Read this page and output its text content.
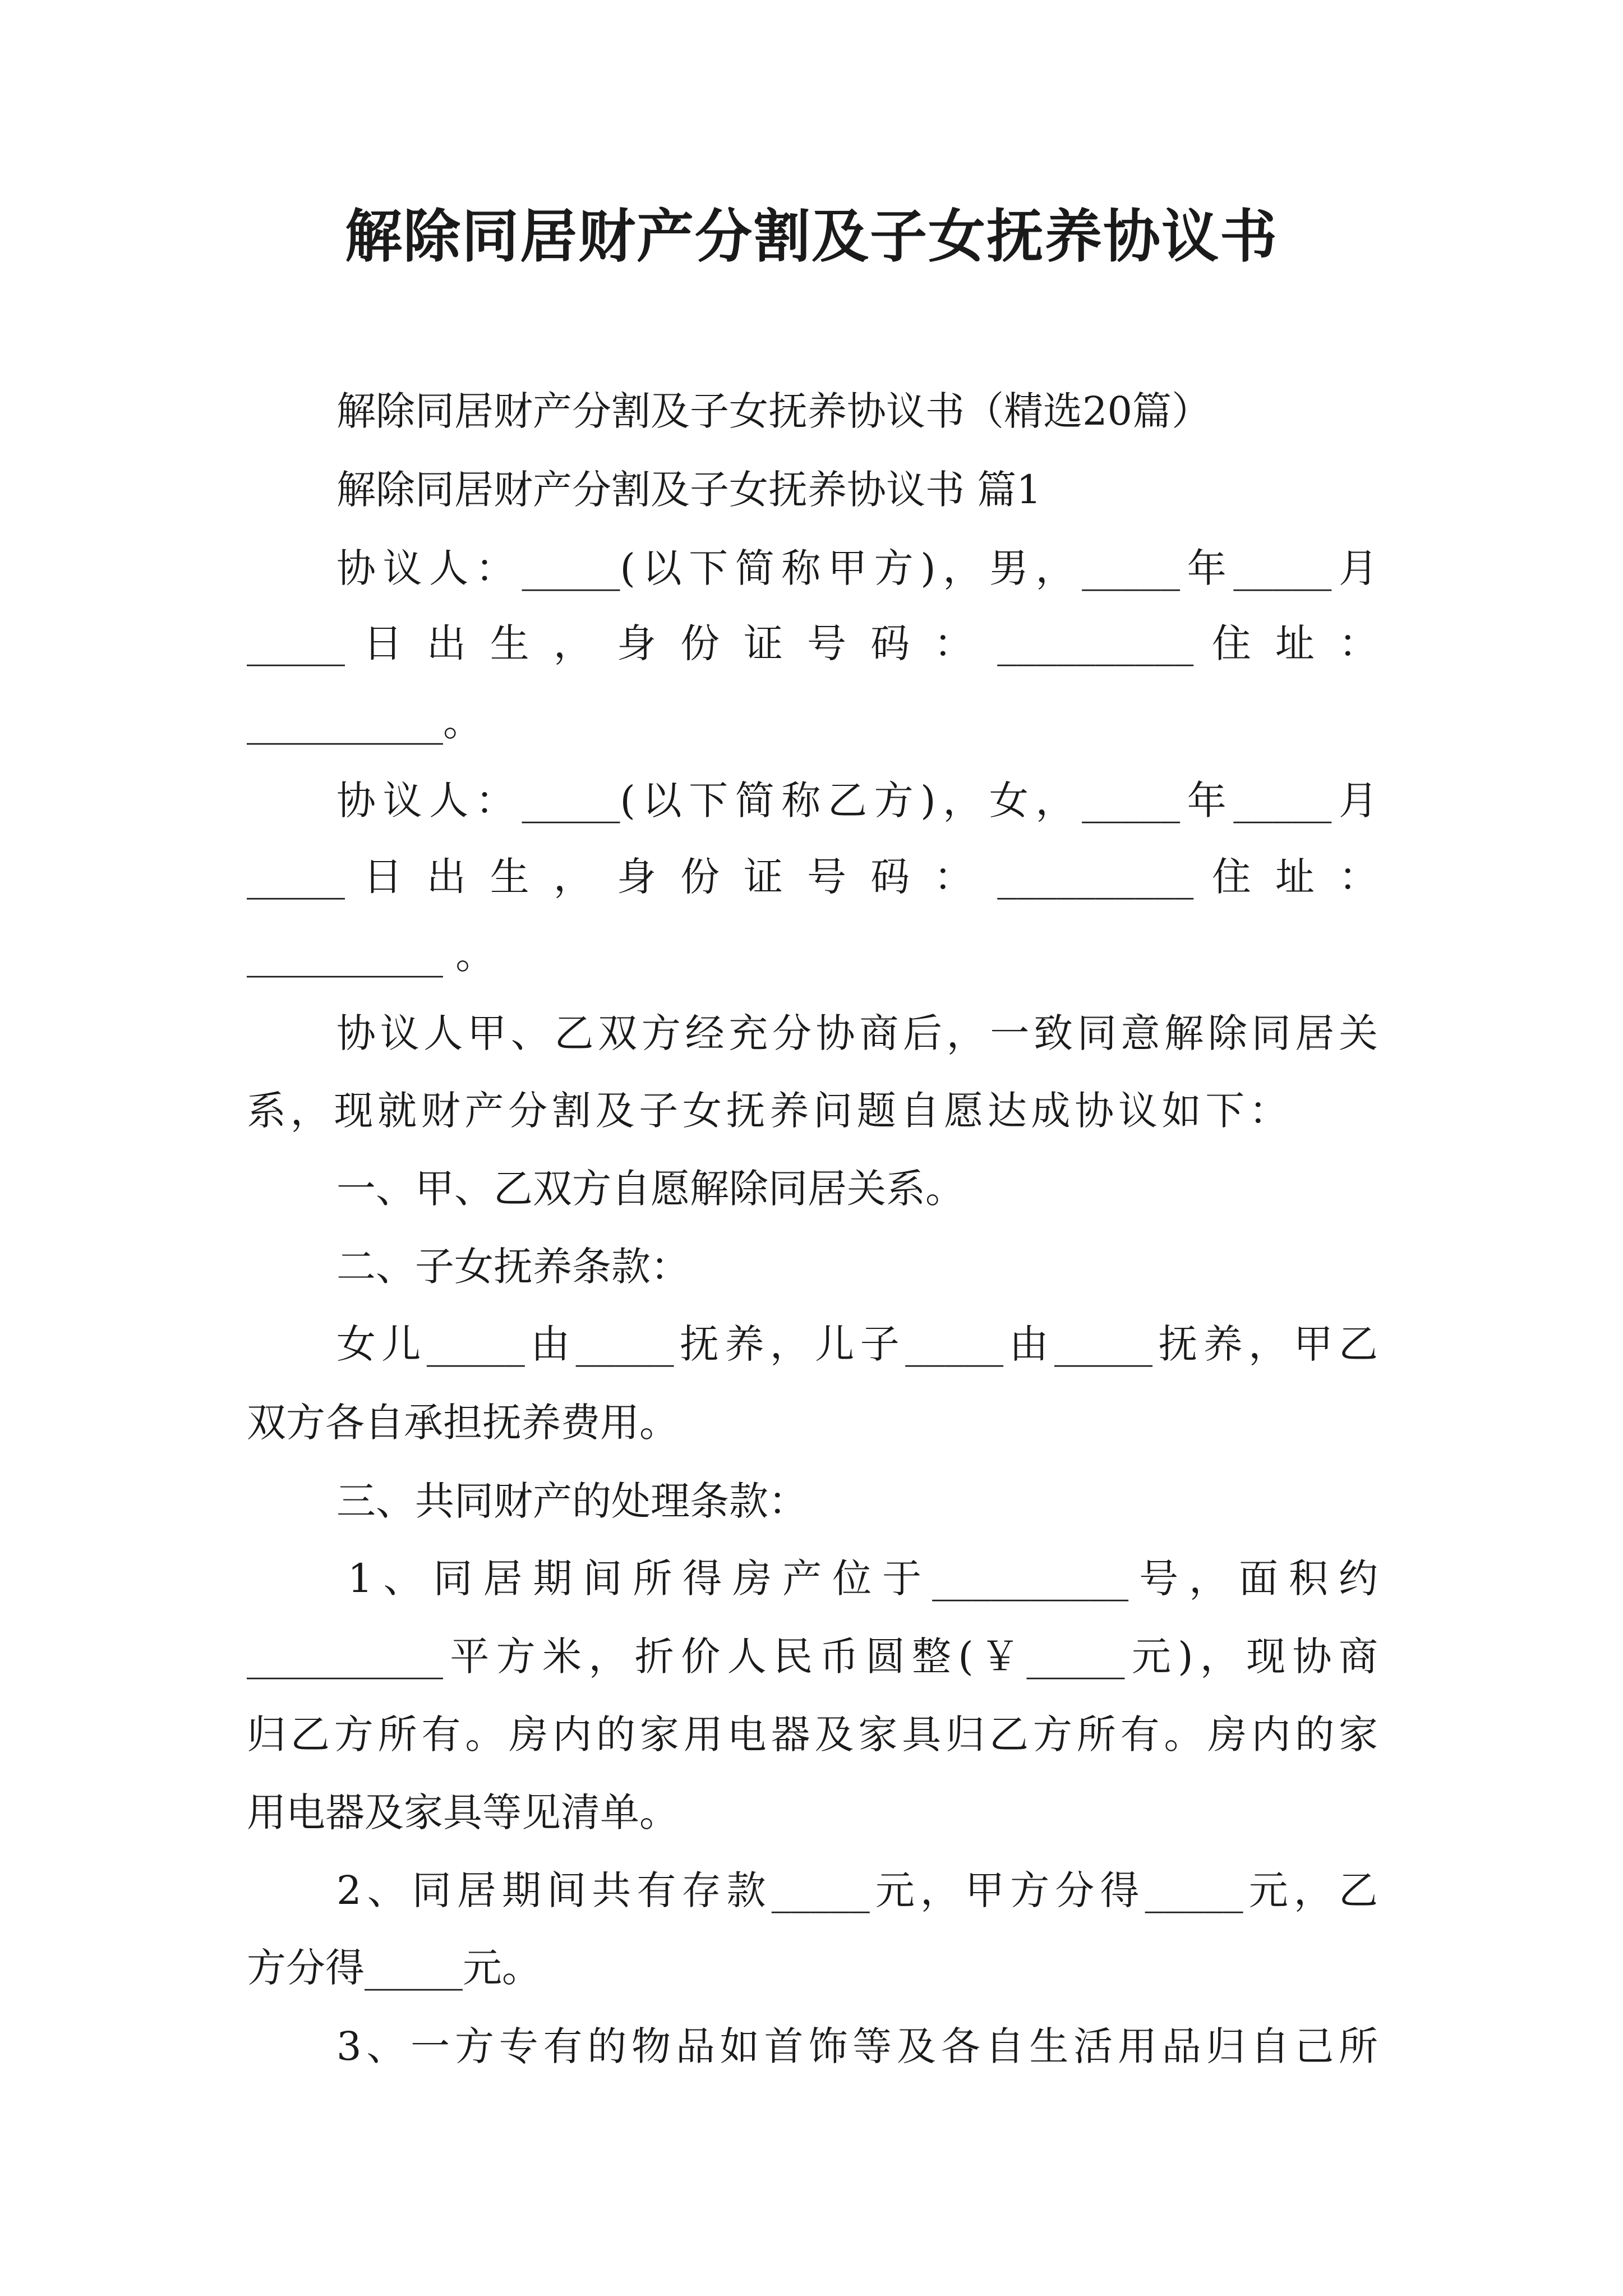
解除同居财产分割及子女抚养协议书
解除同居财产分割及子女抚养协议书（精选20篇）
解除同居财产分割及子女抚养协议书 篇1
协议人：_____(以下简称甲方)，男，_____年_____月
_____ 日 出 生 ， 身 份 证 号 码 ： __________ 住 址 ：
__________。
协议人：_____(以下简称乙方)，女，_____年_____月
_____ 日 出 生 ， 身 份 证 号 码 ： __________ 住 址 ：
__________ 。
协议人甲、乙双方经充分协商后，一致同意解除同居关
系，现就财产分割及子女抚养问题自愿达成协议如下：
一、甲、乙双方自愿解除同居关系。
二、子女抚养条款：
女儿_____由_____抚养，儿子_____由_____抚养，甲乙
双方各自承担抚养费用。
三、共同财产的处理条款：
1、同居期间所得房产位于__________号，面积约
__________平方米，折价人民币圆整(￥_____元)，现协商
归乙方所有。房内的家用电器及家具归乙方所有。房内的家
用电器及家具等见清单。
2、同居期间共有存款_____元，甲方分得_____元，乙
方分得_____元。
3、一方专有的物品如首饰等及各自生活用品归自己所
